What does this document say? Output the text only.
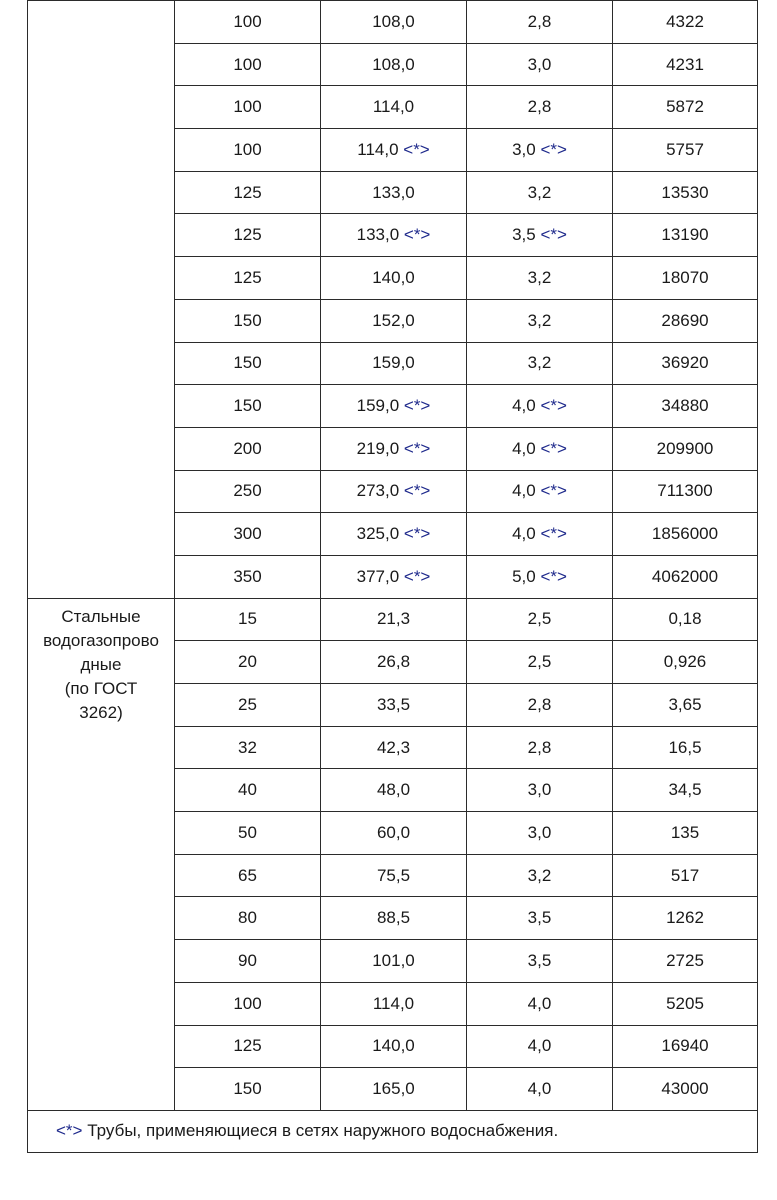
	100	108,0	2,8	4322
	100	108,0	3,0	4231
	100	114,0	2,8	5872
	100	114,0 <*>	3,0 <*>	5757
	125	133,0	3,2	13530
	125	133,0 <*>	3,5 <*>	13190
	125	140,0	3,2	18070
	150	152,0	3,2	28690
	150	159,0	3,2	36920
	150	159,0 <*>	4,0 <*>	34880
	200	219,0 <*>	4,0 <*>	209900
	250	273,0 <*>	4,0 <*>	711300
	300	325,0 <*>	4,0 <*>	1856000
	350	377,0 <*>	5,0 <*>	4062000

Стальные
водогазопрово
дные
(по ГОСТ
3262)	15	21,3	2,5	0,18
	20	26,8	2,5	0,926
	25	33,5	2,8	3,65
	32	42,3	2,8	16,5
	40	48,0	3,0	34,5
	50	60,0	3,0	135
	65	75,5	3,2	517
	80	88,5	3,5	1262
	90	101,0	3,5	2725
	100	114,0	4,0	5205
	125	140,0	4,0	16940
	150	165,0	4,0	43000
<*> Трубы, применяющиеся в сетях наружного водоснабжения.				
